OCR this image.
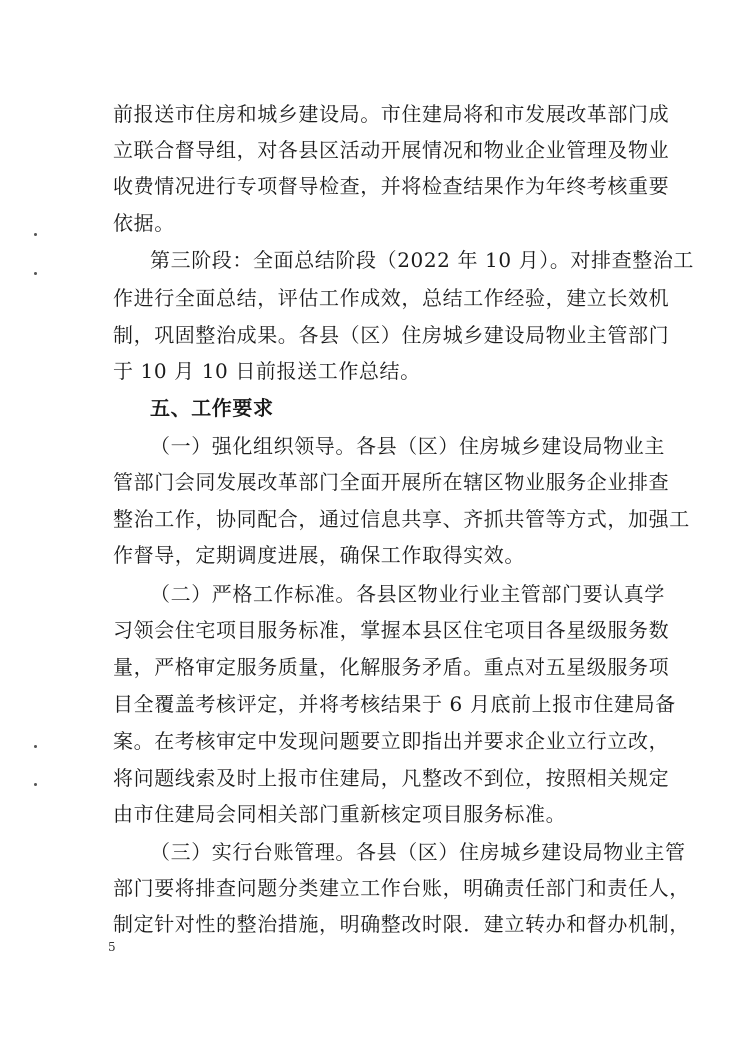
前报送市住房和城乡建设局。市住建局将和市发展改革部门成
立联合督导组，对各县区活动开展情况和物业企业管理及物业
收费情况进行专项督导检查，并将检查结果作为年终考核重要
依据。
第三阶段：全面总结阶段（2022 年 10 月）。对排查整治工
作进行全面总结，评估工作成效，总结工作经验，建立长效机
制，巩固整治成果。各县（区）住房城乡建设局物业主管部门
于 10 月 10 日前报送工作总结。
五、工作要求
（一）强化组织领导。各县（区）住房城乡建设局物业主
管部门会同发展改革部门全面开展所在辖区物业服务企业排查
整治工作，协同配合，通过信息共享、齐抓共管等方式，加强工
作督导，定期调度进展，确保工作取得实效。
（二）严格工作标准。各县区物业行业主管部门要认真学
习领会住宅项目服务标准，掌握本县区住宅项目各星级服务数
量，严格审定服务质量，化解服务矛盾。重点对五星级服务项
目全覆盖考核评定，并将考核结果于 6 月底前上报市住建局备
案。在考核审定中发现问题要立即指出并要求企业立行立改，
将问题线索及时上报市住建局，凡整改不到位，按照相关规定
由市住建局会同相关部门重新核定项目服务标准。
（三）实行台账管理。各县（区）住房城乡建设局物业主管
部门要将排查问题分类建立工作台账，明确责任部门和责任人，
制定针对性的整治措施，明确整改时限．建立转办和督办机制，
5
